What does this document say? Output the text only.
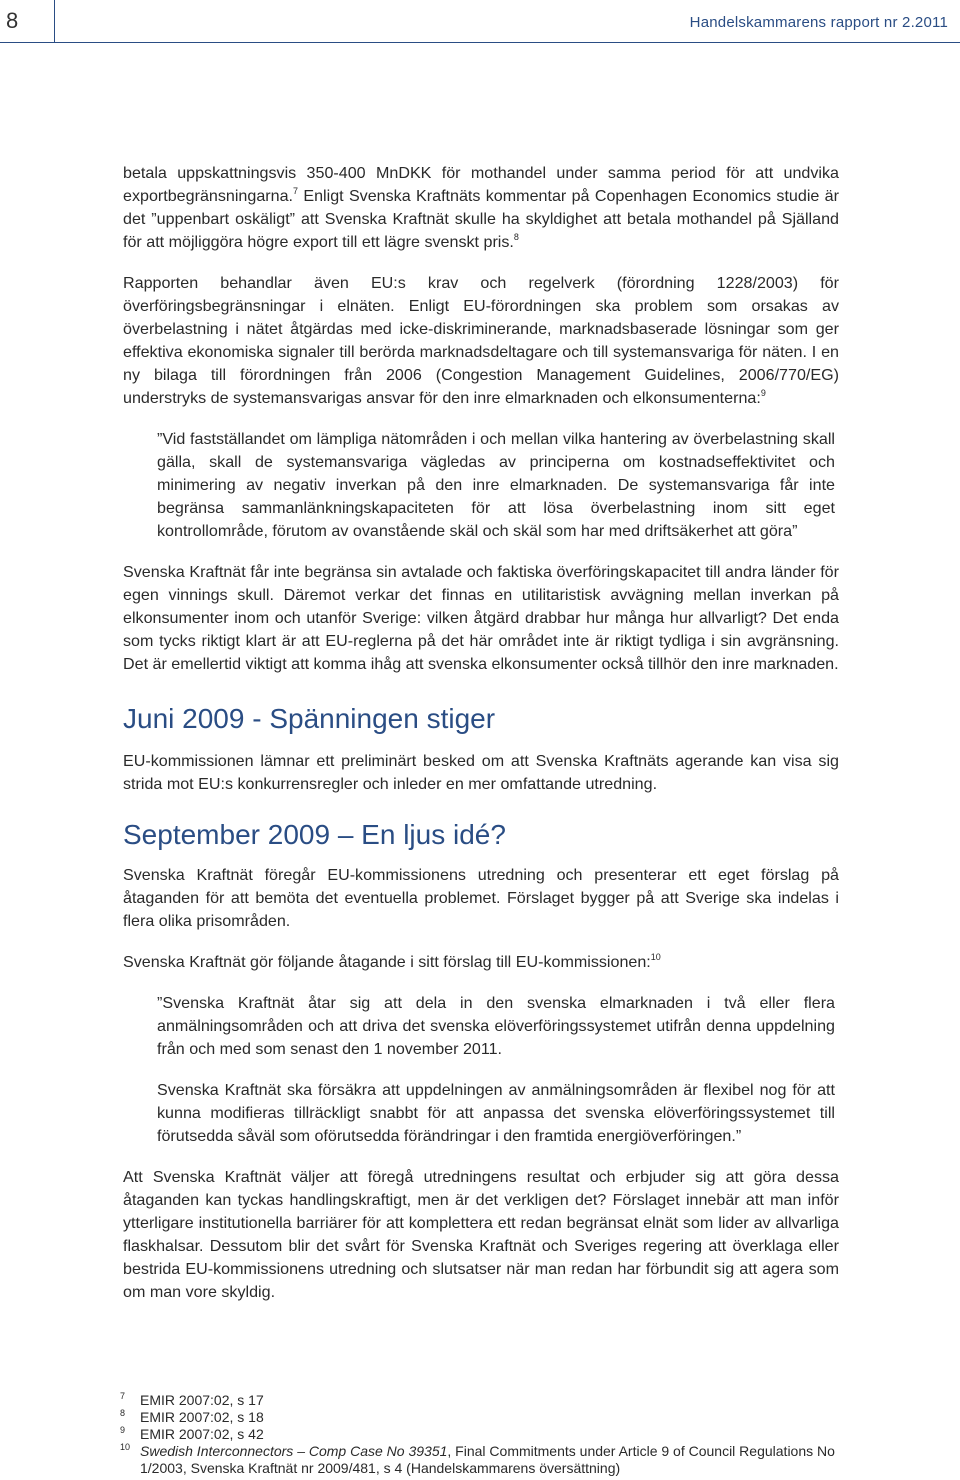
8	Handelskammarens rapport nr 2.2011

betala uppskattningsvis 350-400 MnDKK för mothandel under samma period för att undvika exportbegränsningarna.$^7$ Enligt Svenska Kraftnäts kommentar på Copenhagen Economics studie är det ”uppenbart oskäligt” att Svenska Kraftnät skulle ha skyldighet att betala mothandel på Själland för att möjliggöra högre export till ett lägre svenskt pris.$^8$

Rapporten behandlar även EU:s krav och regelverk (förordning 1228/2003) för överföringsbegränsningar i elnäten. Enligt EU-förordningen ska problem som orsakas av överbelastning i nätet åtgärdas med icke-diskriminerande, marknadsbaserade lösningar som ger effektiva ekonomiska signaler till berörda marknadsdeltagare och till systemansvariga för näten. I en ny bilaga till förordningen från 2006 (Congestion Management Guidelines, 2006/770/EG) understryks de systemansvarigas ansvar för den inre elmarknaden och elkonsumenterna:$^9$

”Vid fastställandet om lämpliga nätområden i och mellan vilka hantering av överbelastning skall gälla, skall de systemansvariga vägledas av principerna om kostnadseffektivitet och minimering av negativ inverkan på den inre elmarknaden. De systemansvariga får inte begränsa sammanlänkningskapaciteten för att lösa överbelastning inom sitt eget kontrollområde, förutom av ovanstående skäl och skäl som har med driftsäkerhet att göra”

Svenska Kraftnät får inte begränsa sin avtalade och faktiska överföringskapacitet till andra länder för egen vinnings skull. Däremot verkar det finnas en utilitaristisk avvägning mellan inverkan på elkonsumenter inom och utanför Sverige: vilken åtgärd drabbar hur många hur allvarligt? Det enda som tycks riktigt klart är att EU-reglerna på det här området inte är riktigt tydliga i sin avgränsning. Det är emellertid viktigt att komma ihåg att svenska elkonsumenter också tillhör den inre marknaden.

Juni 2009 - Spänningen stiger

EU-kommissionen lämnar ett preliminärt besked om att Svenska Kraftnäts agerande kan visa sig strida mot EU:s konkurrensregler och inleder en mer omfattande utredning.

September 2009 – En ljus idé?

Svenska Kraftnät föregår EU-kommissionens utredning och presenterar ett eget förslag på åtaganden för att bemöta det eventuella problemet. Förslaget bygger på att Sverige ska indelas i flera olika prisområden.

Svenska Kraftnät gör följande åtagande i sitt förslag till EU-kommissionen:$^{10}$

”Svenska Kraftnät åtar sig att dela in den svenska elmarknaden i två eller flera anmälningsområden och att driva det svenska elöverföringssystemet utifrån denna uppdelning från och med som senast den 1 november 2011.

Svenska Kraftnät ska försäkra att uppdelningen av anmälningsområden är flexibel nog för att kunna modifieras tillräckligt snabbt för att anpassa det svenska elöverföringssystemet till förutsedda såväl som oförutsedda förändringar i den framtida energiöverföringen.”

Att Svenska Kraftnät väljer att föregå utredningens resultat och erbjuder sig att göra dessa åtaganden kan tyckas handlingskraftigt, men är det verkligen det? Förslaget innebär att man inför ytterligare institutionella barriärer för att komplettera ett redan begränsat elnät som lider av allvarliga flaskhalsar. Dessutom blir det svårt för Svenska Kraftnät och Sveriges regering att överklaga eller bestrida EU-kommissionens utredning och slutsatser när man redan har förbundit sig att agera som om man vore skyldig.

7	EMIR 2007:02, s 17
8	EMIR 2007:02, s 18
9	EMIR 2007:02, s 42
10 Swedish Interconnectors – Comp Case No 39351, Final Commitments under Article 9 of Council Regulations No 1/2003, Svenska Kraftnät nr 2009/481, s 4 (Handelskammarens översättning)
